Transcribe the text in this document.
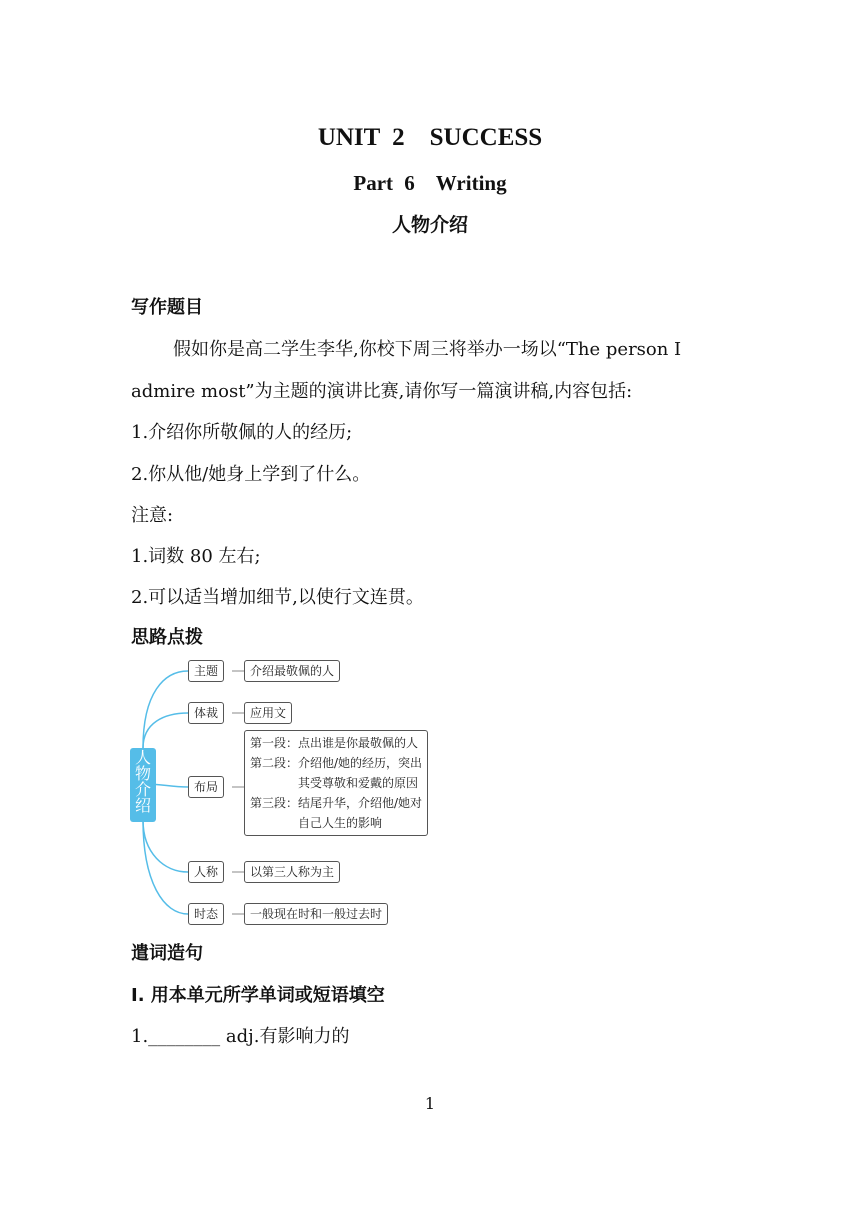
UNIT 2　SUCCESS
Part 6　Writing
人物介绍
写作题目
假如你是高二学生李华,你校下周三将举办一场以“The person I
admire most”为主题的演讲比赛,请你写一篇演讲稿,内容包括:
1.介绍你所敬佩的人的经历;
2.你从他/她身上学到了什么。
注意:
1.词数 80 左右;
2.可以适当增加细节,以使行文连贯。
思路点拨
人物介绍
主题	介绍最敬佩的人
体裁	应用文
布局
第一段：点出谁是你最敬佩的人
第二段：介绍他/她的经历，突出
　　　　其受尊敬和爱戴的原因
第三段：结尾升华，介绍他/她对
　　　　自己人生的影响
人称	以第三人称为主
时态	一般现在时和一般过去时
遣词造句
Ⅰ. 用本单元所学单词或短语填空
1.________ adj.有影响力的
1
